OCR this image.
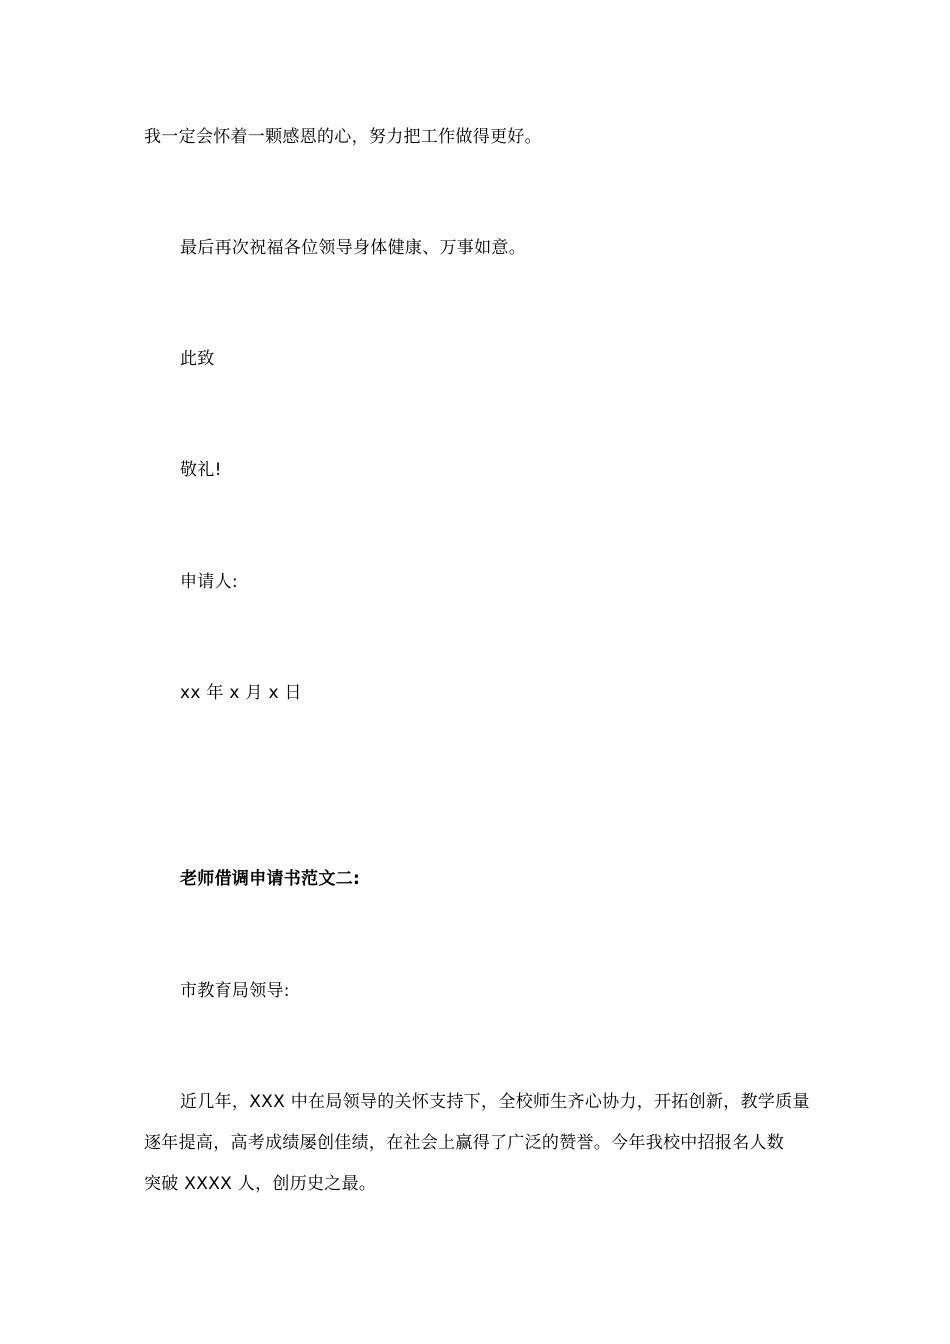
我一定会怀着一颗感恩的心，努力把工作做得更好。
最后再次祝福各位领导身体健康、万事如意。
此致
敬礼!
申请人:
xx 年 x 月 x 日
老师借调申请书范文二:
市教育局领导:
近几年，XXX 中在局领导的关怀支持下，全校师生齐心协力，开拓创新，教学质量
逐年提高，高考成绩屡创佳绩，在社会上赢得了广泛的赞誉。今年我校中招报名人数
突破 XXXX 人，创历史之最。
